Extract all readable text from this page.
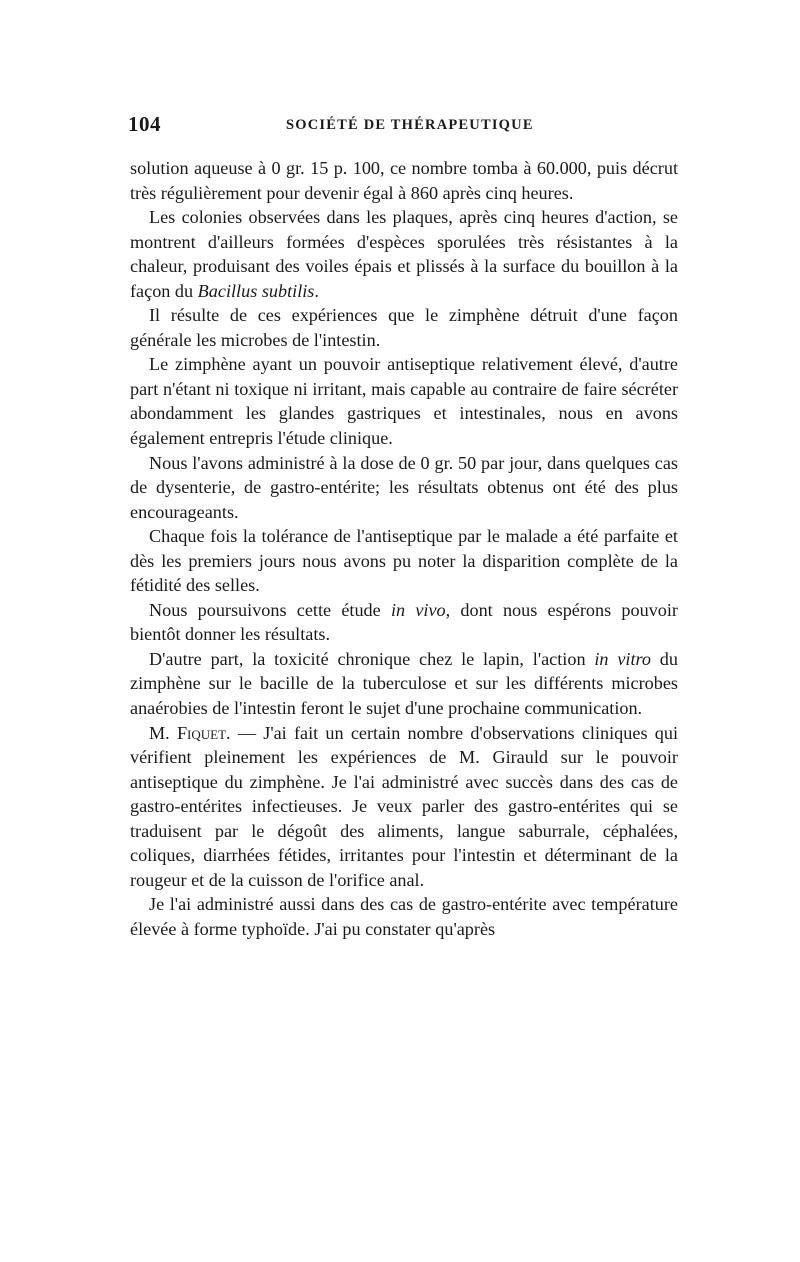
104	SOCIÉTÉ DE THÉRAPEUTIQUE

solution aqueuse à 0 gr. 15 p. 100, ce nombre tomba à 60.000, puis décrut très régulièrement pour devenir égal à 860 après cinq heures.

Les colonies observées dans les plaques, après cinq heures d'action, se montrent d'ailleurs formées d'espèces sporulées très résistantes à la chaleur, produisant des voiles épais et plissés à la surface du bouillon à la façon du Bacillus subtilis.

Il résulte de ces expériences que le zimphène détruit d'une façon générale les microbes de l'intestin.

Le zimphène ayant un pouvoir antiseptique relativement élevé, d'autre part n'étant ni toxique ni irritant, mais capable au contraire de faire sécréter abondamment les glandes gastriques et intestinales, nous en avons également entrepris l'étude clinique.

Nous l'avons administré à la dose de 0 gr. 50 par jour, dans quelques cas de dysenterie, de gastro-entérite; les résultats obtenus ont été des plus encourageants.

Chaque fois la tolérance de l'antiseptique par le malade a été parfaite et dès les premiers jours nous avons pu noter la disparition complète de la fétidité des selles.

Nous poursuivons cette étude in vivo, dont nous espérons pouvoir bientôt donner les résultats.

D'autre part, la toxicité chronique chez le lapin, l'action in vitro du zimphène sur le bacille de la tuberculose et sur les différents microbes anaérobies de l'intestin feront le sujet d'une prochaine communication.

M. Fiquet. — J'ai fait un certain nombre d'observations cliniques qui vérifient pleinement les expériences de M. Girauld sur le pouvoir antiseptique du zimphène. Je l'ai administré avec succès dans des cas de gastro-entérites infectieuses. Je veux parler des gastro-entérites qui se traduisent par le dégoût des aliments, langue saburrale, céphalées, coliques, diarrhées fétides, irritantes pour l'intestin et déterminant de la rougeur et de la cuisson de l'orifice anal.

Je l'ai administré aussi dans des cas de gastro-entérite avec température élevée à forme typhoïde. J'ai pu constater qu'après
